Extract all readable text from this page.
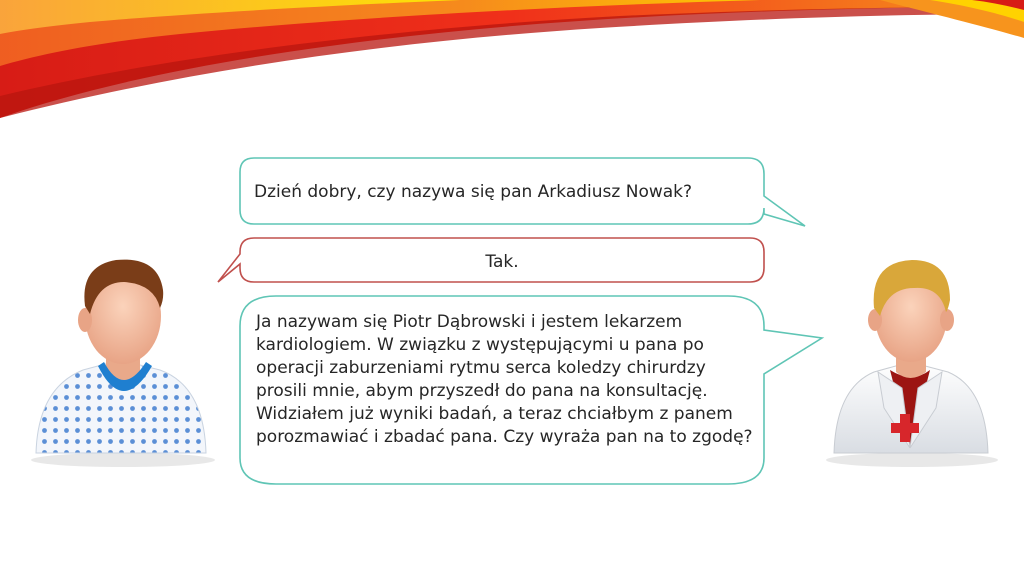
Dzień dobry, czy nazywa się pan Arkadiusz Nowak?

Tak.

Ja nazywam się Piotr Dąbrowski i jestem lekarzem kardiologiem. W związku z występującymi u pana po operacji zaburzeniami rytmu serca koledzy chirurdzy prosili mnie, abym przyszedł do pana na konsultację. Widziałem już wyniki badań, a teraz chciałbym z panem porozmawiać i zbadać pana. Czy wyraża pan na to zgodę?
